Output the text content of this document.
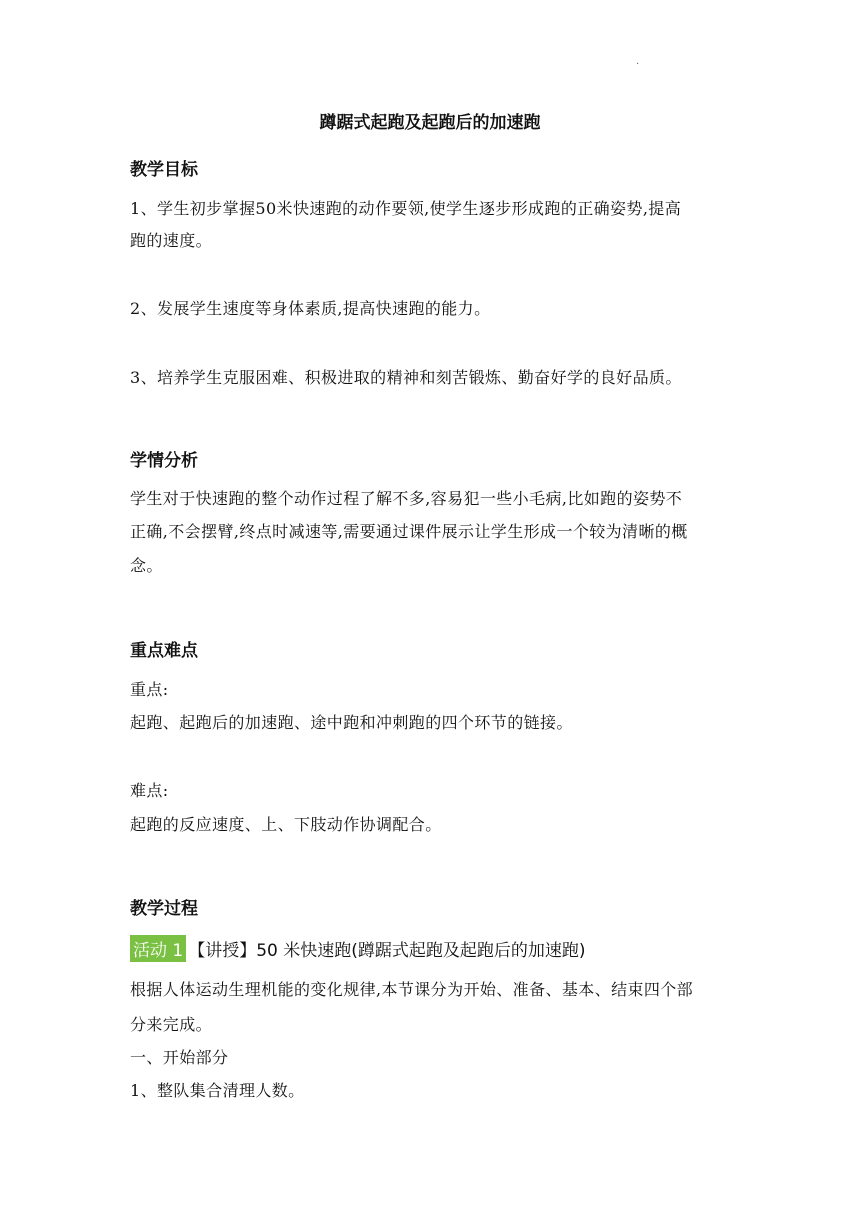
.
蹲踞式起跑及起跑后的加速跑
教学目标
1、学生初步掌握50米快速跑的动作要领,使学生逐步形成跑的正确姿势,提高
跑的速度。
2、发展学生速度等身体素质,提高快速跑的能力。
3、培养学生克服困难、积极进取的精神和刻苦锻炼、勤奋好学的良好品质。
学情分析
学生对于快速跑的整个动作过程了解不多,容易犯一些小毛病,比如跑的姿势不
正确,不会摆臂,终点时减速等,需要通过课件展示让学生形成一个较为清晰的概
念。
重点难点
重点:
起跑、起跑后的加速跑、途中跑和冲刺跑的四个环节的链接。
难点:
起跑的反应速度、上、下肢动作协调配合。
教学过程
活动 1 【讲授】50 米快速跑(蹲踞式起跑及起跑后的加速跑)
根据人体运动生理机能的变化规律,本节课分为开始、准备、基本、结束四个部
分来完成。
一、开始部分
1、整队集合清理人数。
